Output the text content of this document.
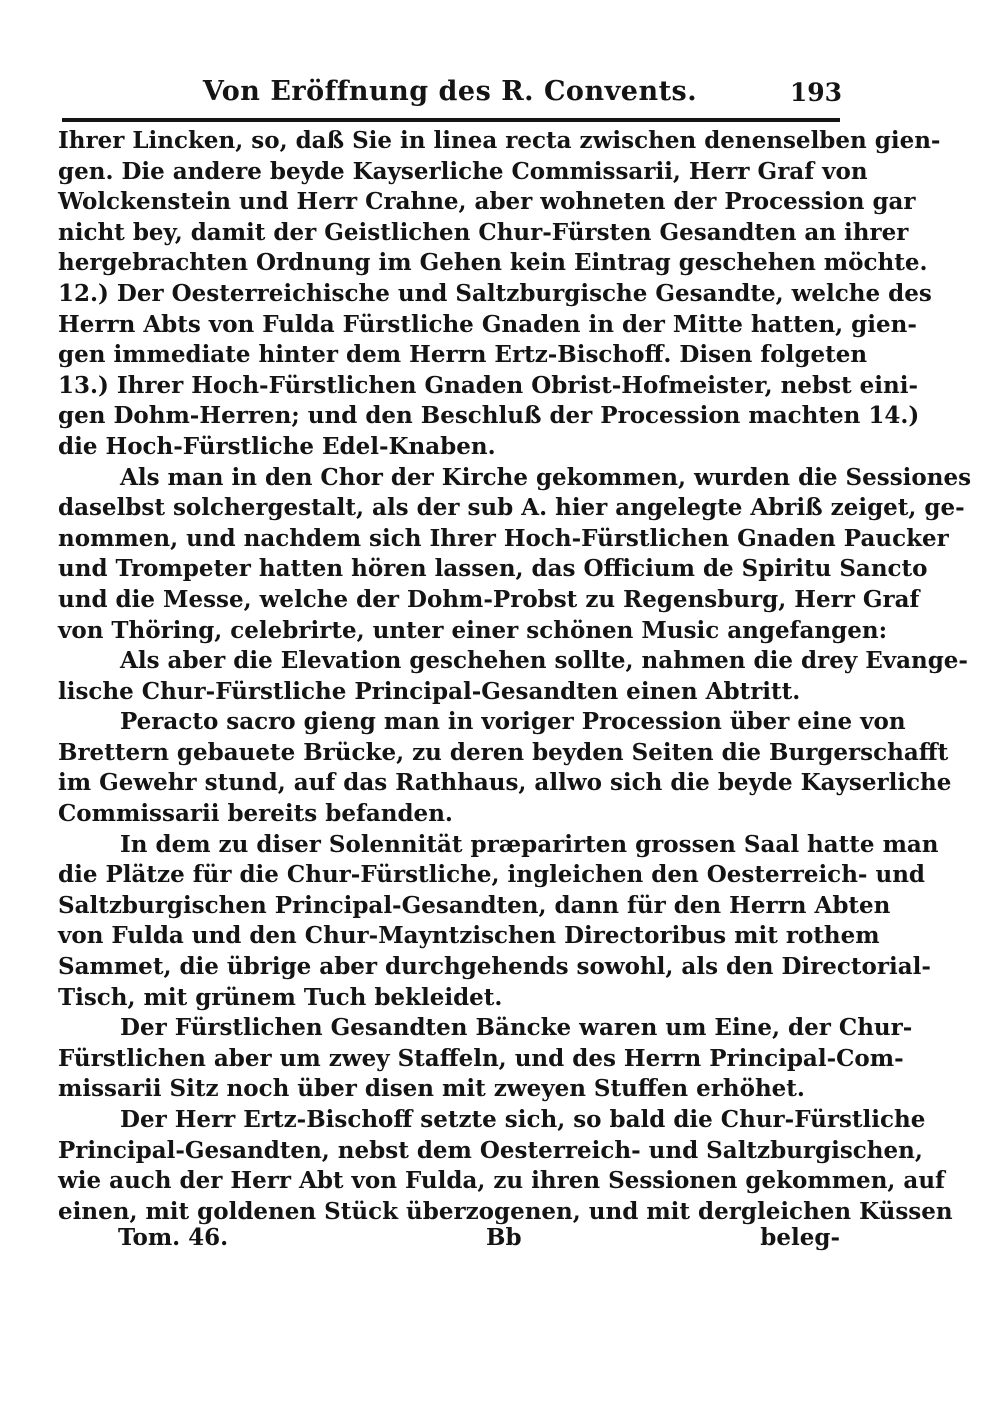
Von Eröffnung des R. Convents.	193
Ihrer Lincken, so, daß Sie in linea recta zwischen denenselben gien-
gen. Die andere beyde Kayserliche Commissarii, Herr Graf von
Wolckenstein und Herr Crahne, aber wohneten der Procession gar
nicht bey, damit der Geistlichen Chur-Fürsten Gesandten an ihrer
hergebrachten Ordnung im Gehen kein Eintrag geschehen möchte.
12.) Der Oesterreichische und Saltzburgische Gesandte, welche des
Herrn Abts von Fulda Fürstliche Gnaden in der Mitte hatten, gien-
gen immediate hinter dem Herrn Ertz-Bischoff. Disen folgeten
13.) Ihrer Hoch-Fürstlichen Gnaden Obrist-Hofmeister, nebst eini-
gen Dohm-Herren; und den Beschluß der Procession machten 14.)
die Hoch-Fürstliche Edel-Knaben.
Als man in den Chor der Kirche gekommen, wurden die Sessiones
daselbst solchergestalt, als der sub A. hier angelegte Abriß zeiget, ge-
nommen, und nachdem sich Ihrer Hoch-Fürstlichen Gnaden Paucker
und Trompeter hatten hören lassen, das Officium de Spiritu Sancto
und die Messe, welche der Dohm-Probst zu Regensburg, Herr Graf
von Thöring, celebrirte, unter einer schönen Music angefangen:
Als aber die Elevation geschehen sollte, nahmen die drey Evange-
lische Chur-Fürstliche Principal-Gesandten einen Abtritt.
Peracto sacro gieng man in voriger Procession über eine von
Brettern gebauete Brücke, zu deren beyden Seiten die Burgerschafft
im Gewehr stund, auf das Rathhaus, allwo sich die beyde Kayserliche
Commissarii bereits befanden.
In dem zu diser Solennität præparirten grossen Saal hatte man
die Plätze für die Chur-Fürstliche, ingleichen den Oesterreich- und
Saltzburgischen Principal-Gesandten, dann für den Herrn Abten
von Fulda und den Chur-Mayntzischen Directoribus mit rothem
Sammet, die übrige aber durchgehends sowohl, als den Directorial-
Tisch, mit grünem Tuch bekleidet.
Der Fürstlichen Gesandten Bäncke waren um Eine, der Chur-
Fürstlichen aber um zwey Staffeln, und des Herrn Principal-Com-
missarii Sitz noch über disen mit zweyen Stuffen erhöhet.
Der Herr Ertz-Bischoff setzte sich, so bald die Chur-Fürstliche
Principal-Gesandten, nebst dem Oesterreich- und Saltzburgischen,
wie auch der Herr Abt von Fulda, zu ihren Sessionen gekommen, auf
einen, mit goldenen Stück überzogenen, und mit dergleichen Küssen
Tom. 46.	Bb	beleg-
